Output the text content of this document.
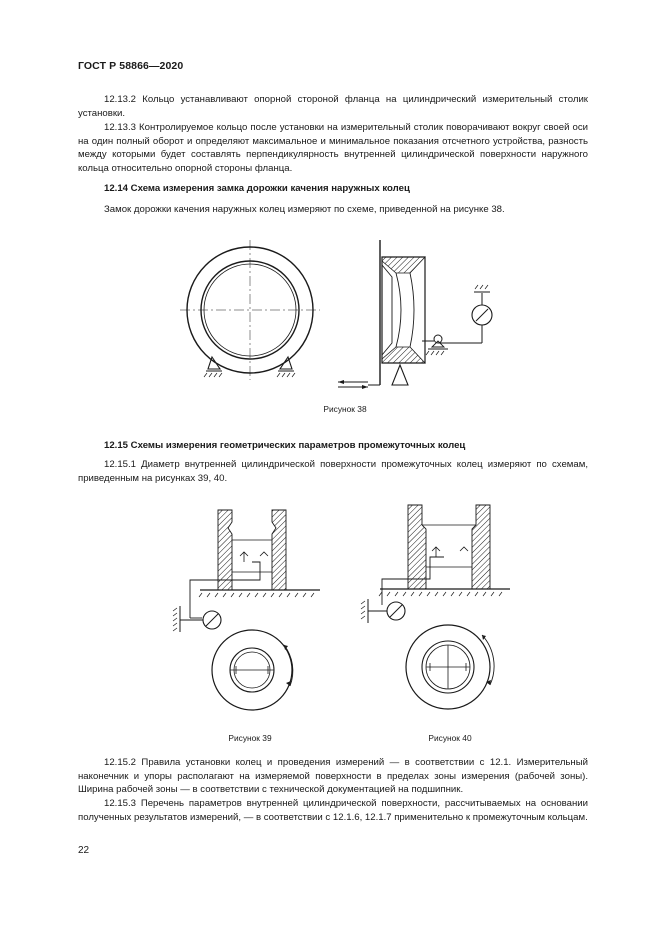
ГОСТ Р 58866—2020
12.13.2 Кольцо устанавливают опорной стороной фланца на цилиндрический измерительный столик установки.
12.13.3 Контролируемое кольцо после установки на измерительный столик поворачивают вокруг своей оси на один полный оборот и определяют максимальное и минимальное показания отсчетного устройства, разность между которыми будет составлять перпендикулярность внутренней цилиндрической поверхности наружного кольца относительно опорной стороны фланца.
12.14 Схема измерения замка дорожки качения наружных колец
Замок дорожки качения наружных колец измеряют по схеме, приведенной на рисунке 38.
Рисунок 38
12.15 Схемы измерения геометрических параметров промежуточных колец
12.15.1 Диаметр внутренней цилиндрической поверхности промежуточных колец измеряют по схемам, приведенным на рисунках 39, 40.
Рисунок 39	Рисунок 40
12.15.2 Правила установки колец и проведения измерений — в соответствии с 12.1. Измерительный наконечник и упоры располагают на измеряемой поверхности в пределах зоны измерения (рабочей зоны). Ширина рабочей зоны — в соответствии с технической документацией на подшипник.
12.15.3 Перечень параметров внутренней цилиндрической поверхности, рассчитываемых на основании полученных результатов измерений, — в соответствии с 12.1.6, 12.1.7 применительно к промежуточным кольцам.
22
